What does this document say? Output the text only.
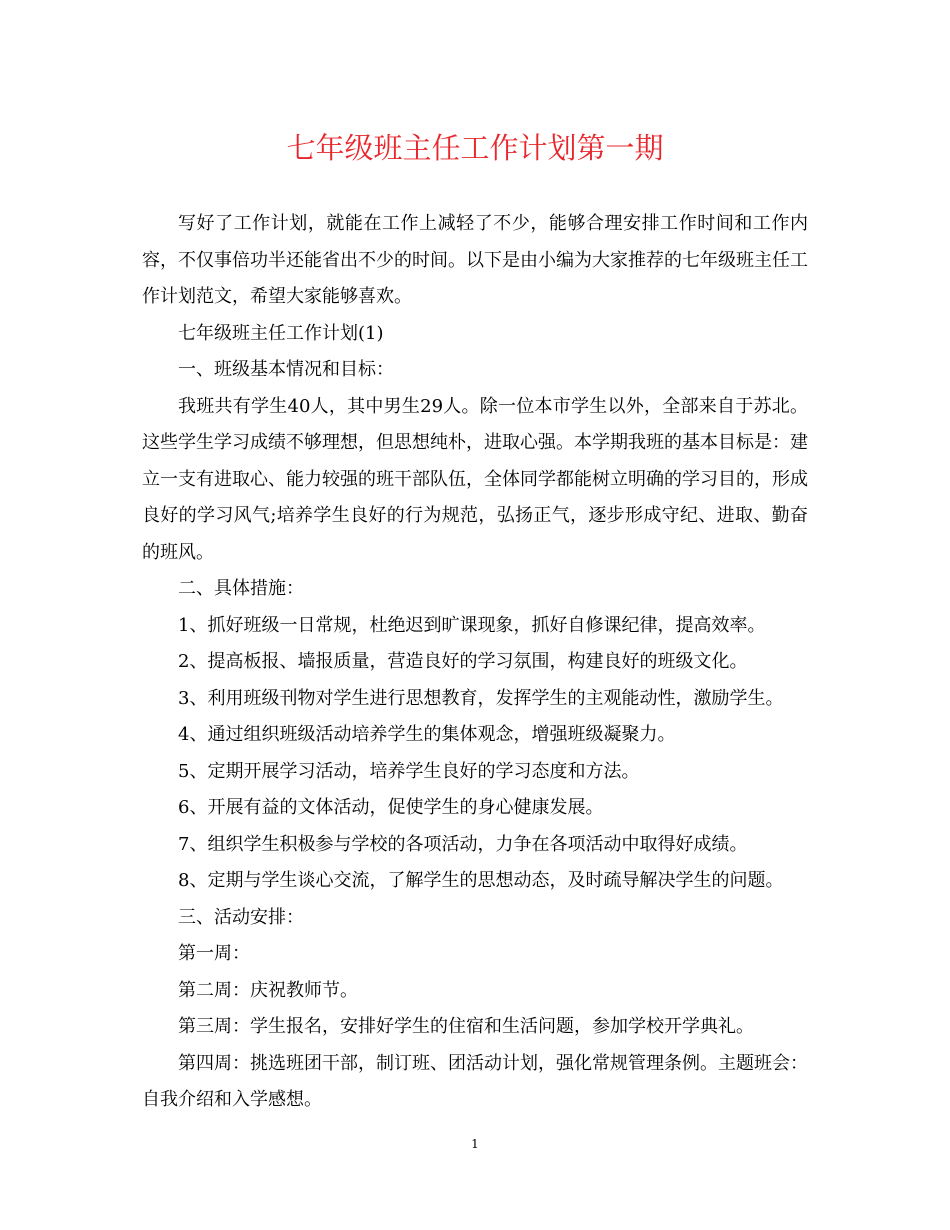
七年级班主任工作计划第一期

写好了工作计划，就能在工作上减轻了不少，能够合理安排工作时间和工作内容，不仅事倍功半还能省出不少的时间。以下是由小编为大家推荐的七年级班主任工作计划范文，希望大家能够喜欢。

七年级班主任工作计划(1)

一、班级基本情况和目标：

我班共有学生40人，其中男生29人。除一位本市学生以外，全部来自于苏北。这些学生学习成绩不够理想，但思想纯朴，进取心强。本学期我班的基本目标是：建立一支有进取心、能力较强的班干部队伍，全体同学都能树立明确的学习目的，形成良好的学习风气;培养学生良好的行为规范，弘扬正气，逐步形成守纪、进取、勤奋的班风。

二、具体措施：

1、抓好班级一日常规，杜绝迟到旷课现象，抓好自修课纪律，提高效率。

2、提高板报、墙报质量，营造良好的学习氛围，构建良好的班级文化。

3、利用班级刊物对学生进行思想教育，发挥学生的主观能动性，激励学生。

4、通过组织班级活动培养学生的集体观念，增强班级凝聚力。

5、定期开展学习活动，培养学生良好的学习态度和方法。

6、开展有益的文体活动，促使学生的身心健康发展。

7、组织学生积极参与学校的各项活动，力争在各项活动中取得好成绩。

8、定期与学生谈心交流，了解学生的思想动态，及时疏导解决学生的问题。

三、活动安排：

第一周：

第二周：庆祝教师节。

第三周：学生报名，安排好学生的住宿和生活问题，参加学校开学典礼。

第四周：挑选班团干部，制订班、团活动计划，强化常规管理条例。主题班会：自我介绍和入学感想。

1
